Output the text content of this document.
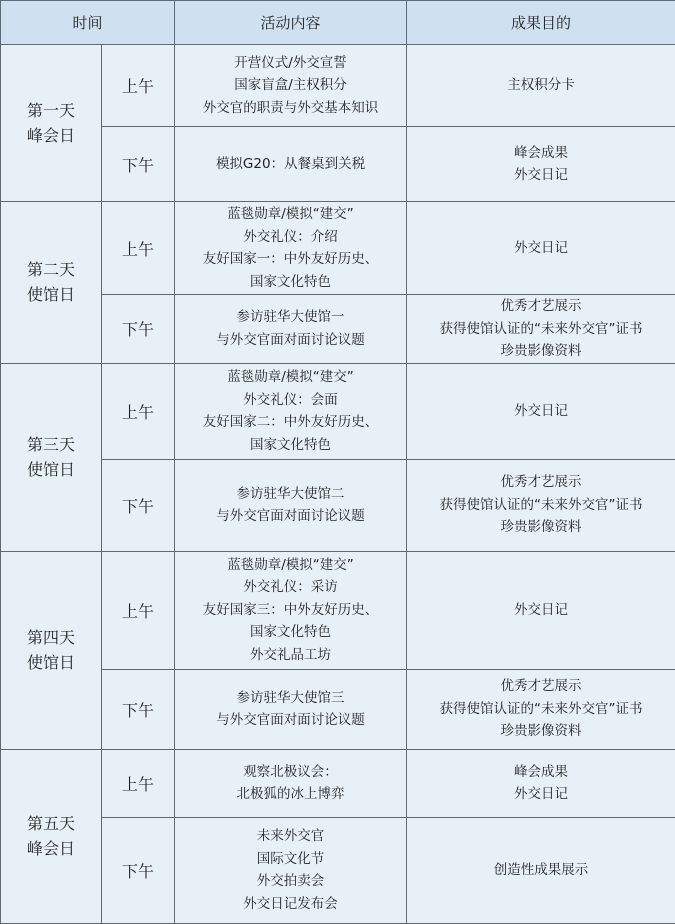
时间		活动内容	成果目的

第一天
峰会日	上午	开营仪式/外交宣誓
国家盲盒/主权积分
外交官的职责与外交基本知识	主权积分卡

	下午	模拟G20：从餐桌到关税	峰会成果
外交日记

第二天
使馆日	上午	蓝毯勋章/模拟“建交”
外交礼仪：介绍
友好国家一：中外友好历史、
国家文化特色	外交日记

	下午	参访驻华大使馆一
与外交官面对面讨论议题	优秀才艺展示
获得使馆认证的“未来外交官”证书
珍贵影像资料

第三天
使馆日	上午	蓝毯勋章/模拟“建交”
外交礼仪：会面
友好国家二：中外友好历史、
国家文化特色	外交日记

	下午	参访驻华大使馆二
与外交官面对面讨论议题	优秀才艺展示
获得使馆认证的“未来外交官”证书
珍贵影像资料

第四天
使馆日	上午	蓝毯勋章/模拟“建交”
外交礼仪：采访
友好国家三：中外友好历史、
国家文化特色
外交礼品工坊	外交日记

	下午	参访驻华大使馆三
与外交官面对面讨论议题	优秀才艺展示
获得使馆认证的“未来外交官”证书
珍贵影像资料

第五天
峰会日	上午	观察北极议会：
北极狐的冰上博弈	峰会成果
外交日记

	下午	未来外交官
国际文化节
外交拍卖会
外交日记发布会	创造性成果展示
